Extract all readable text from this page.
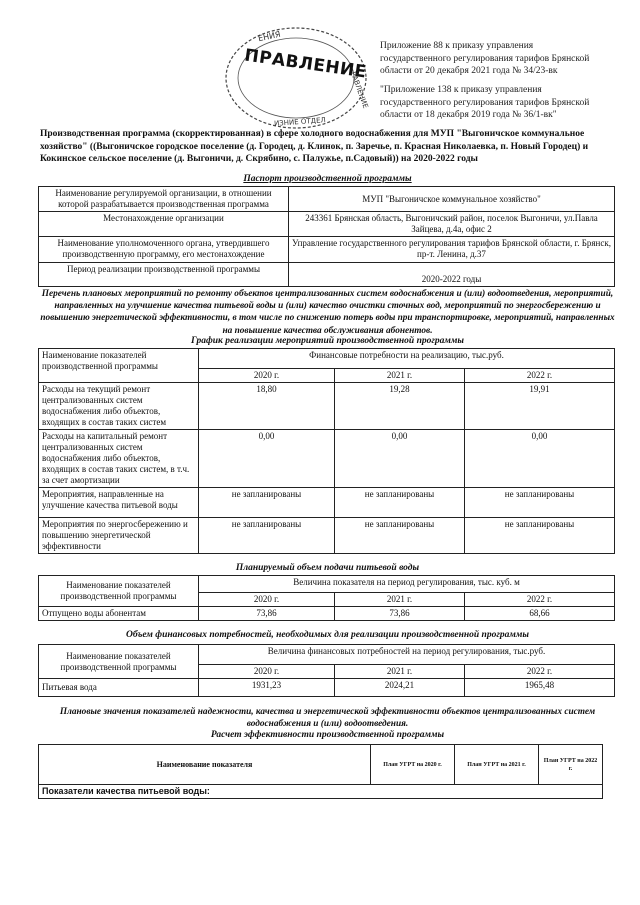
ЕНИЯ
ПРАВЛЕНИЕ
РАВЛЕНИЕ
ИЗНИЕ ОТДЕЛ
Приложение 88 к приказу управления государственного регулирования тарифов Брянской области от 20 декабря 2021 года № 34/23-вк
"Приложение 138 к приказу управления государственного регулирования тарифов Брянской области от 18 декабря 2019 года № 36/1-вк"
Производственная программа (скорректированная) в сфере холодного водоснабжения для МУП "Выгоничское коммунальное хозяйство" ((Выгоничское городское поселение (д. Городец, д. Клинок, п. Заречье, п. Красная Николаевка, п. Новый Городец) и Кокинское сельское поселение (д. Выгоничи, д. Скрябино, с. Палужье, п.Садовый)) на 2020-2022 годы
Паспорт производственной программы
Наименование регулируемой организации, в отношении которой разрабатывается производственная программа	МУП "Выгоничское коммунальное хозяйство"
Местонахождение организации	243361 Брянская область, Выгоничский район, поселок Выгоничи, ул.Павла Зайцева, д.4а, офис 2
Наименование уполномоченного органа, утвердившего производственную программу, его местонахождение	Управление государственного регулирования тарифов Брянской области, г. Брянск, пр-т. Ленина, д.37
Период реализации производственной программы	2020-2022 годы
Перечень плановых мероприятий по ремонту объектов централизованных систем водоснабжения и (или) водоотведения, мероприятий, направленных на улучшение качества питьевой воды и (или) качество очистки сточных вод, мероприятий по энергосбережению и повышению энергетической эффективности, в том числе по снижению потерь воды при транспортировке, мероприятий, направленных на повышение качества обслуживания абонентов.
График реализации мероприятий производственной программы
Наименование показателей производственной программы	Финансовые потребности на реализацию, тыс.руб.		
	2020 г.	2021 г.	2022 г.
Расходы на текущий ремонт централизованных систем водоснабжения либо объектов, входящих в состав таких систем	18,80	19,28	19,91
Расходы на капитальный ремонт централизованных систем водоснабжения либо объектов, входящих в состав таких систем, в т.ч. за счет амортизации	0,00	0,00	0,00
Мероприятия, направленные на улучшение качества питьевой воды	не запланированы	не запланированы	не запланированы
Мероприятия по энергосбережению и повышению энергетической эффективности	не запланированы	не запланированы	не запланированы
Планируемый объем подачи питьевой воды
Наименование показателей производственной программы	Величина показателя на период регулирования, тыс. куб. м		
	2020 г.	2021 г.	2022 г.
Отпущено воды абонентам	73,86	73,86	68,66
Объем финансовых потребностей, необходимых для реализации производственной программы
Наименование показателей производственной программы	Величина финансовых потребностей на период регулирования, тыс.руб.		
	2020 г.	2021 г.	2022 г.
Питьевая вода	1931,23	2024,21	1965,48
Плановые значения показателей надежности, качества и энергетической эффективности объектов централизованных систем водоснабжения и (или) водоотведения.
Расчет эффективности производственной программы
Наименование показателя	План УГРТ на 2020 г.	План УГРТ на 2021 г.	План УГРТ на 2022 г.
Показатели качества питьевой воды:
